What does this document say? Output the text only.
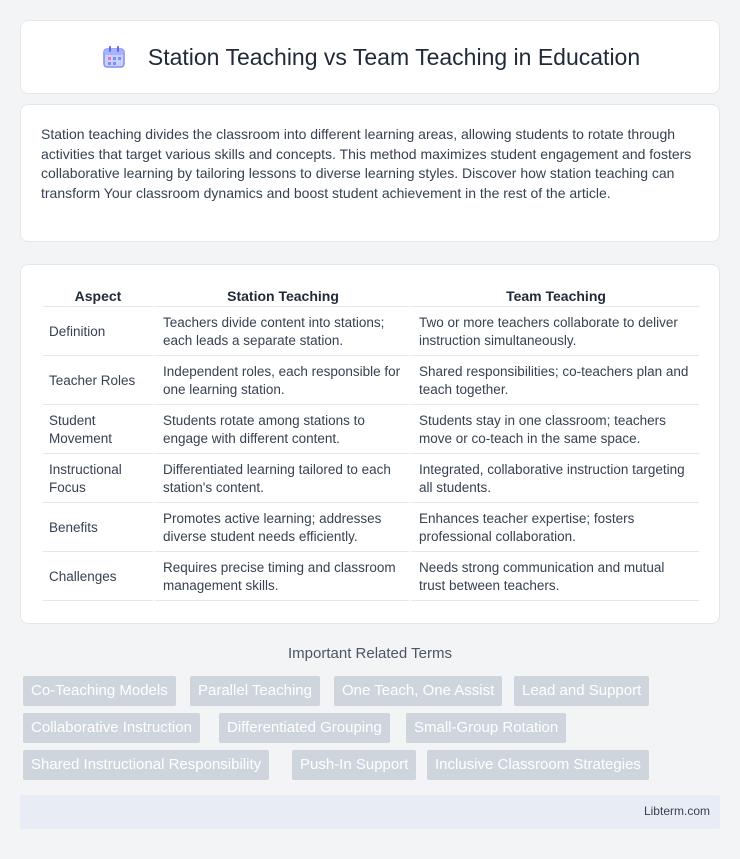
Station Teaching vs Team Teaching in Education

Station teaching divides the classroom into different learning areas, allowing students to rotate through activities that target various skills and concepts. This method maximizes student engagement and fosters collaborative learning by tailoring lessons to diverse learning styles. Discover how station teaching can transform Your classroom dynamics and boost student achievement in the rest of the article.

Aspect	Station Teaching	Team Teaching
Definition	Teachers divide content into stations; each leads a separate station.	Two or more teachers collaborate to deliver instruction simultaneously.
Teacher Roles	Independent roles, each responsible for one learning station.	Shared responsibilities; co-teachers plan and teach together.
Student Movement	Students rotate among stations to engage with different content.	Students stay in one classroom; teachers move or co-teach in the same space.
Instructional Focus	Differentiated learning tailored to each station's content.	Integrated, collaborative instruction targeting all students.
Benefits	Promotes active learning; addresses diverse student needs efficiently.	Enhances teacher expertise; fosters professional collaboration.
Challenges	Requires precise timing and classroom management skills.	Needs strong communication and mutual trust between teachers.
Important Related Terms
Co-Teaching Models	Parallel Teaching	One Teach, One Assist	Lead and Support
Collaborative Instruction	Differentiated Grouping	Small-Group Rotation
Shared Instructional Responsibility	Push-In Support	Inclusive Classroom Strategies
Libterm.com
